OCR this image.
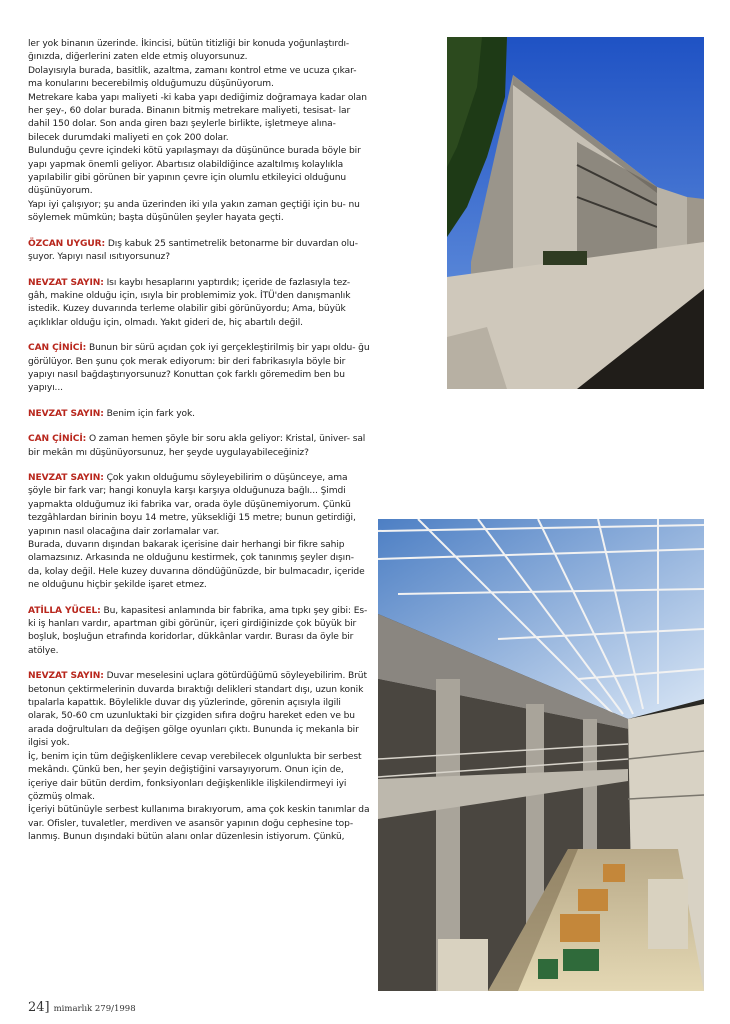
ler yok binanın üzerinde. İkincisi, bütün titizliği bir konuda yoğunlaştırdı- ğınızda, diğerlerini zaten elde etmiş oluyorsunuz.

Dolayısıyla burada, basitlik, azaltma, zamanı kontrol etme ve ucuza çıkar- ma konularını becerebilmiş olduğumuzu düşünüyorum.

Metrekare kaba yapı maliyeti -ki kaba yapı dediğimiz doğramaya kadar olan her şey-, 60 dolar burada. Binanın bitmiş metrekare maliyeti, tesisat- lar dahil 150 dolar. Son anda giren bazı şeylerle birlikte, işletmeye alına- bilecek durumdaki maliyeti en çok 200 dolar.

Bulunduğu çevre içindeki kötü yapılaşmayı da düşününce burada böyle bir yapı yapmak önemli geliyor. Abartısız olabildiğince azaltılmış kolaylıkla yapılabilir gibi görünen bir yapının çevre için olumlu etkileyici olduğunu düşünüyorum.

Yapı iyi çalışıyor; şu anda üzerinden iki yıla yakın zaman geçtiği için bu- nu söylemek mümkün; başta düşünülen şeyler hayata geçti.

ÖZCAN UYGUR: Dış kabuk 25 santimetrelik betonarme bir duvardan olu- şuyor. Yapıyı nasıl ısıtıyorsunuz?

NEVZAT SAYIN: Isı kaybı hesaplarını yaptırdık; içeride de fazlasıyla tez- gâh, makine olduğu için, ısıyla bir problemimiz yok. İTÜ'den danışmanlık istedik. Kuzey duvarında terleme olabilir gibi görünüyordu; Ama, büyük açıklıklar olduğu için, olmadı. Yakıt gideri de, hiç abartılı değil.

CAN ÇİNİCİ: Bunun bir sürü açıdan çok iyi gerçekleştirilmiş bir yapı oldu- ğu görülüyor. Ben şunu çok merak ediyorum: bir deri fabrikasıyla böyle bir yapıyı nasıl bağdaştırıyorsunuz? Konuttan çok farklı göremedim ben bu yapıyı...

NEVZAT SAYIN: Benim için fark yok.

CAN ÇİNİCİ: O zaman hemen şöyle bir soru akla geliyor: Kristal, üniver- sal bir mekân mı düşünüyorsunuz, her şeyde uygulayabileceğiniz?

NEVZAT SAYIN: Çok yakın olduğumu söyleyebilirim o düşünceye, ama şöyle bir fark var; hangi konuyla karşı karşıya olduğunuza bağlı... Şimdi yapmakta olduğumuz iki fabrika var, orada öyle düşünemiyorum. Çünkü tezgâhlardan birinin boyu 14 metre, yüksekliği 15 metre; bunun getirdiği, yapının nasıl olacağına dair zorlamalar var.

Burada, duvarın dışından bakarak içerisine dair herhangi bir fikre sahip olamazsınız. Arkasında ne olduğunu kestirmek, çok tanınmış şeyler dışın- da, kolay değil. Hele kuzey duvarına döndüğünüzde, bir bulmacadır, içeride ne olduğunu hiçbir şekilde işaret etmez.

ATİLLA YÜCEL: Bu, kapasitesi anlamında bir fabrika, ama tıpkı şey gibi: Es- ki iş hanları vardır, apartman gibi görünür, içeri girdiğinizde çok büyük bir boşluk, boşluğun etrafında koridorlar, dükkânlar vardır. Burası da öyle bir atölye.

NEVZAT SAYIN: Duvar meselesini uçlara götürdüğümü söyleyebilirim. Brüt betonun çektirmelerinin duvarda bıraktığı delikleri standart dışı, uzun konik tıpalarla kapattık. Böylelikle duvar dış yüzlerinde, görenin açısıyla ilgili olarak, 50-60 cm uzunluktaki bir çizgiden sıfıra doğru hareket eden ve bu arada doğrultuları da değişen gölge oyunları çıktı. Bununda iç mekanla bir ilgisi yok.

İç, benim için tüm değişkenliklere cevap verebilecek olgunlukta bir serbest mekândı. Çünkü ben, her şeyin değiştiğini varsayıyorum. Onun için de, içeriye dair bütün derdim, fonksiyonları değişkenlikle ilişkilendirmeyi iyi çözmüş olmak.

İçeriyi bütünüyle serbest kullanıma bırakıyorum, ama çok keskin tanımlar da var. Ofisler, tuvaletler, merdiven ve asansör yapının doğu cephesine top- lanmış. Bunun dışındaki bütün alanı onlar düzenlesin istiyorum. Çünkü,

24] mimarlık 279/1998
